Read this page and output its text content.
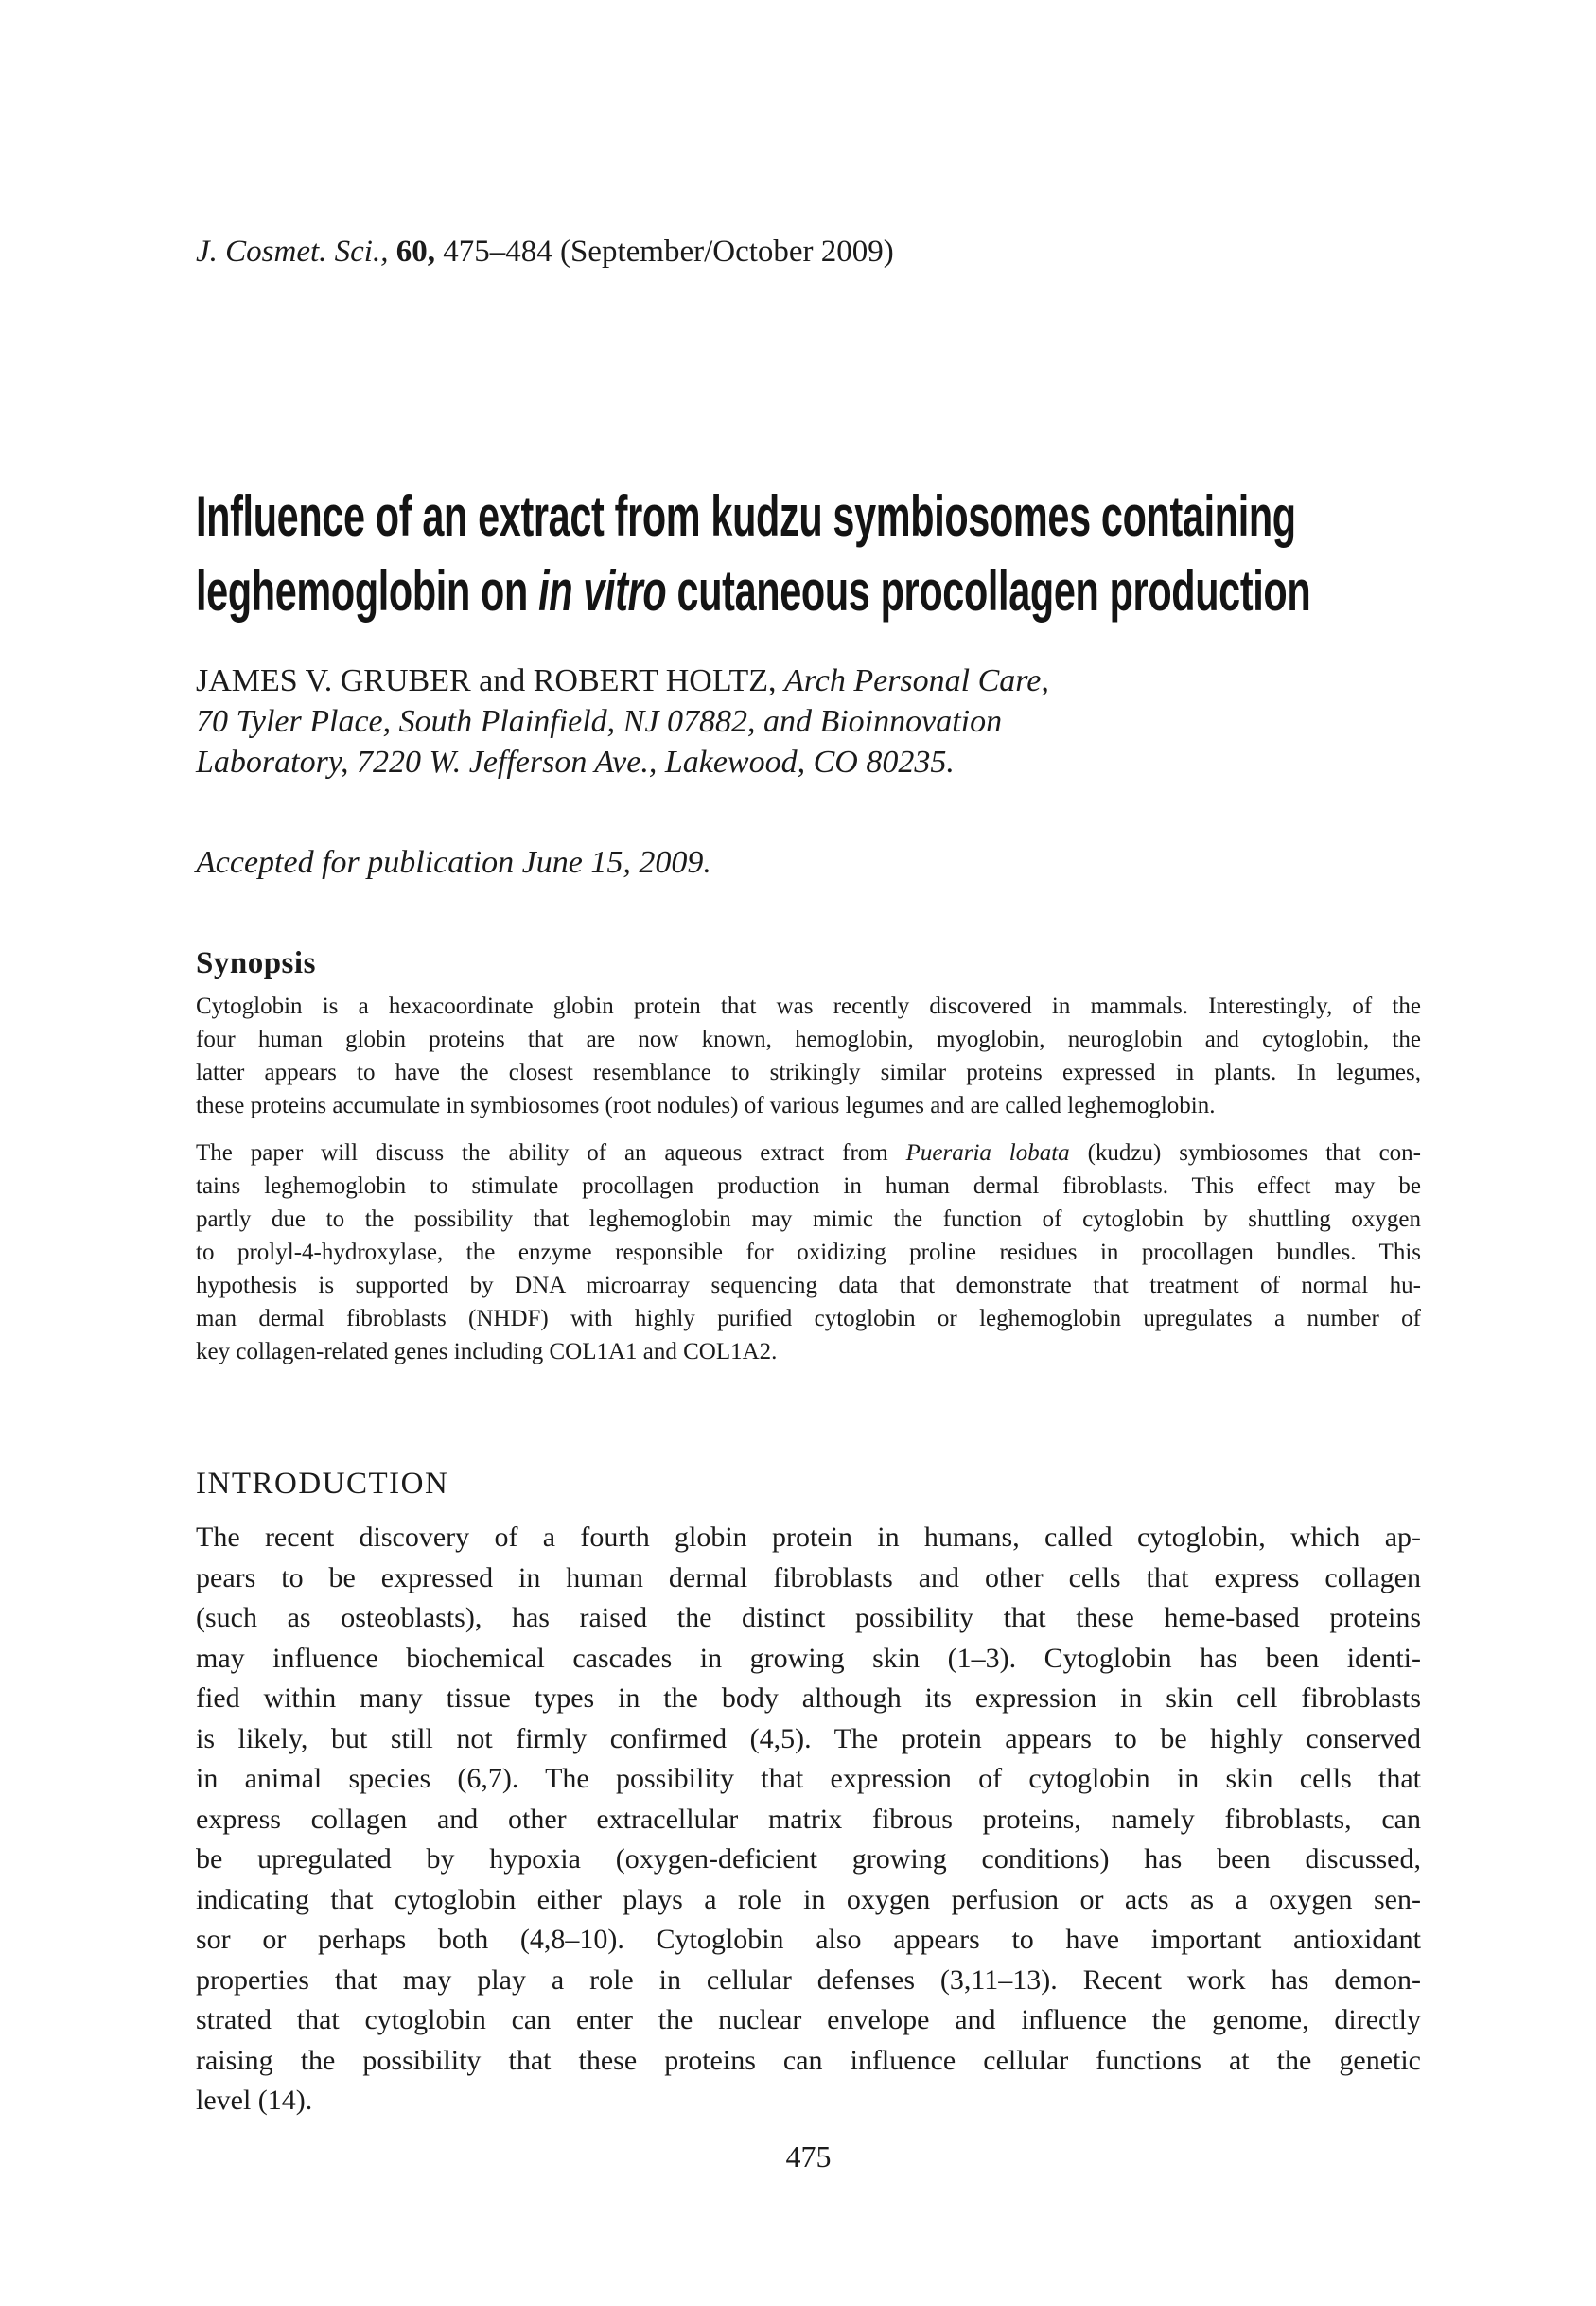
J. Cosmet. Sci., 60, 475–484 (September/October 2009)
Influence of an extract from kudzu symbiosomes containing
leghemoglobin on in vitro cutaneous procollagen production
JAMES V. GRUBER and ROBERT HOLTZ, Arch Personal Care,
70 Tyler Place, South Plainfield, NJ 07882, and Bioinnovation
Laboratory, 7220 W. Jefferson Ave., Lakewood, CO 80235.
Accepted for publication June 15, 2009.
Synopsis
Cytoglobin is a hexacoordinate globin protein that was recently discovered in mammals. Interestingly, of the
four human globin proteins that are now known, hemoglobin, myoglobin, neuroglobin and cytoglobin, the
latter appears to have the closest resemblance to strikingly similar proteins expressed in plants. In legumes,
these proteins accumulate in symbiosomes (root nodules) of various legumes and are called leghemoglobin.
The paper will discuss the ability of an aqueous extract from Pueraria lobata (kudzu) symbiosomes that con-
tains leghemoglobin to stimulate procollagen production in human dermal fibroblasts. This effect may be
partly due to the possibility that leghemoglobin may mimic the function of cytoglobin by shuttling oxygen
to prolyl-4-hydroxylase, the enzyme responsible for oxidizing proline residues in procollagen bundles. This
hypothesis is supported by DNA microarray sequencing data that demonstrate that treatment of normal hu-
man dermal fibroblasts (NHDF) with highly purified cytoglobin or leghemoglobin upregulates a number of
key collagen-related genes including COL1A1 and COL1A2.
INTRODUCTION
The recent discovery of a fourth globin protein in humans, called cytoglobin, which ap-
pears to be expressed in human dermal fibroblasts and other cells that express collagen
(such as osteoblasts), has raised the distinct possibility that these heme-based proteins
may influence biochemical cascades in growing skin (1–3). Cytoglobin has been identi-
fied within many tissue types in the body although its expression in skin cell fibroblasts
is likely, but still not firmly confirmed (4,5). The protein appears to be highly conserved
in animal species (6,7). The possibility that expression of cytoglobin in skin cells that
express collagen and other extracellular matrix fibrous proteins, namely fibroblasts, can
be upregulated by hypoxia (oxygen-deficient growing conditions) has been discussed,
indicating that cytoglobin either plays a role in oxygen perfusion or acts as a oxygen sen-
sor or perhaps both (4,8–10). Cytoglobin also appears to have important antioxidant
properties that may play a role in cellular defenses (3,11–13). Recent work has demon-
strated that cytoglobin can enter the nuclear envelope and influence the genome, directly
raising the possibility that these proteins can influence cellular functions at the genetic
level (14).
475
